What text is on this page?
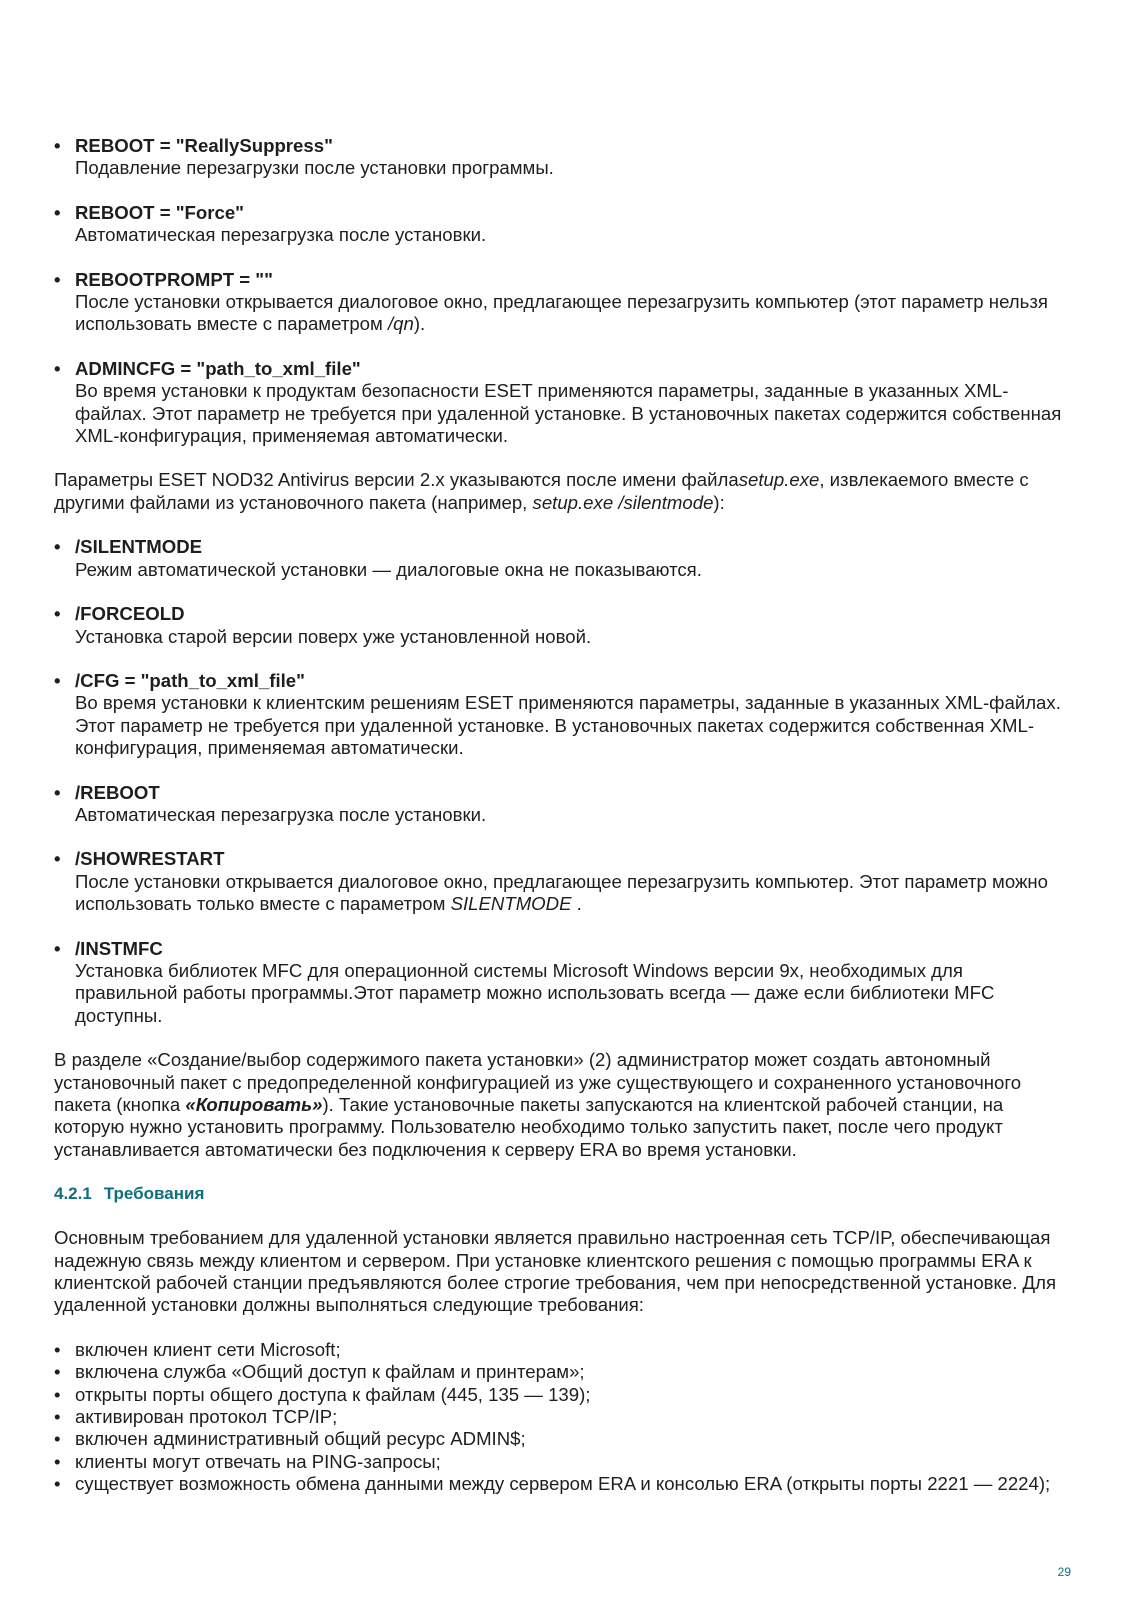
• REBOOT = "ReallySuppress"
Подавление перезагрузки после установки программы.
• REBOOT = "Force"
Автоматическая перезагрузка после установки.
• REBOOTPROMPT = ""
После установки открывается диалоговое окно, предлагающее перезагрузить компьютер (этот параметр нельзя использовать вместе с параметром /qn).
• ADMINCFG = "path_to_xml_file"
Во время установки к продуктам безопасности ESET применяются параметры, заданные в указанных XML-файлах. Этот параметр не требуется при удаленной установке. В установочных пакетах содержится собственная XML-конфигурация, применяемая автоматически.

Параметры ESET NOD32 Antivirus версии 2.x указываются после имени файлаsetup.exe, извлекаемого вместе с другими файлами из установочного пакета (например, setup.exe /silentmode):

• /SILENTMODE
Режим автоматической установки — диалоговые окна не показываются.
• /FORCEOLD
Установка старой версии поверх уже установленной новой.
• /CFG = "path_to_xml_file"
Во время установки к клиентским решениям ESET применяются параметры, заданные в указанных XML-файлах. Этот параметр не требуется при удаленной установке. В установочных пакетах содержится собственная XML-конфигурация, применяемая автоматически.
• /REBOOT
Автоматическая перезагрузка после установки.
• /SHOWRESTART
После установки открывается диалоговое окно, предлагающее перезагрузить компьютер. Этот параметр можно использовать только вместе с параметром SILENTMODE .
• /INSTMFC
Установка библиотек MFC для операционной системы Microsoft Windows версии 9x, необходимых для правильной работы программы.Этот параметр можно использовать всегда — даже если библиотеки MFC доступны.

В разделе «Создание/выбор содержимого пакета установки» (2) администратор может создать автономный установочный пакет с предопределенной конфигурацией из уже существующего и сохраненного установочного пакета (кнопка «Копировать»). Такие установочные пакеты запускаются на клиентской рабочей станции, на которую нужно установить программу. Пользователю необходимо только запустить пакет, после чего продукт устанавливается автоматически без подключения к серверу ERA во время установки.

4.2.1 Требования

Основным требованием для удаленной установки является правильно настроенная сеть TCP/IP, обеспечивающая надежную связь между клиентом и сервером. При установке клиентского решения с помощью программы ERA к клиентской рабочей станции предъявляются более строгие требования, чем при непосредственной установке. Для удаленной установки должны выполняться следующие требования:

• включен клиент сети Microsoft;
• включена служба «Общий доступ к файлам и принтерам»;
• открыты порты общего доступа к файлам (445, 135 — 139);
• активирован протокол TCP/IP;
• включен административный общий ресурс ADMIN$;
• клиенты могут отвечать на PING-запросы;
• существует возможность обмена данными между сервером ERA и консолью ERA (открыты порты 2221 — 2224);
29
